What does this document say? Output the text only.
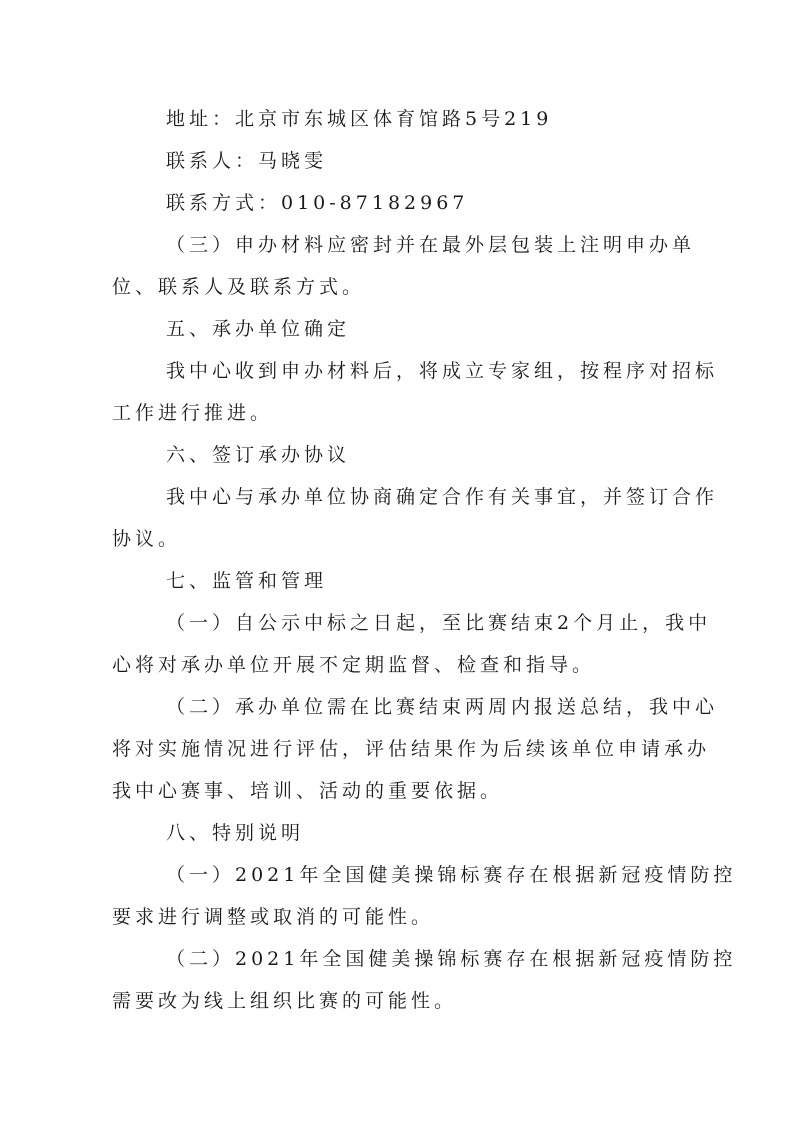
地址：北京市东城区体育馆路5号219
联系人：马晓雯
联系方式：010-87182967
（三）申办材料应密封并在最外层包装上注明申办单
位、联系人及联系方式。
五、承办单位确定
我中心收到申办材料后，将成立专家组，按程序对招标
工作进行推进。
六、签订承办协议
我中心与承办单位协商确定合作有关事宜，并签订合作
协议。
七、监管和管理
（一）自公示中标之日起，至比赛结束2个月止，我中
心将对承办单位开展不定期监督、检查和指导。
（二）承办单位需在比赛结束两周内报送总结，我中心
将对实施情况进行评估，评估结果作为后续该单位申请承办
我中心赛事、培训、活动的重要依据。
八、特别说明
（一）2021年全国健美操锦标赛存在根据新冠疫情防控
要求进行调整或取消的可能性。
（二）2021年全国健美操锦标赛存在根据新冠疫情防控
需要改为线上组织比赛的可能性。
